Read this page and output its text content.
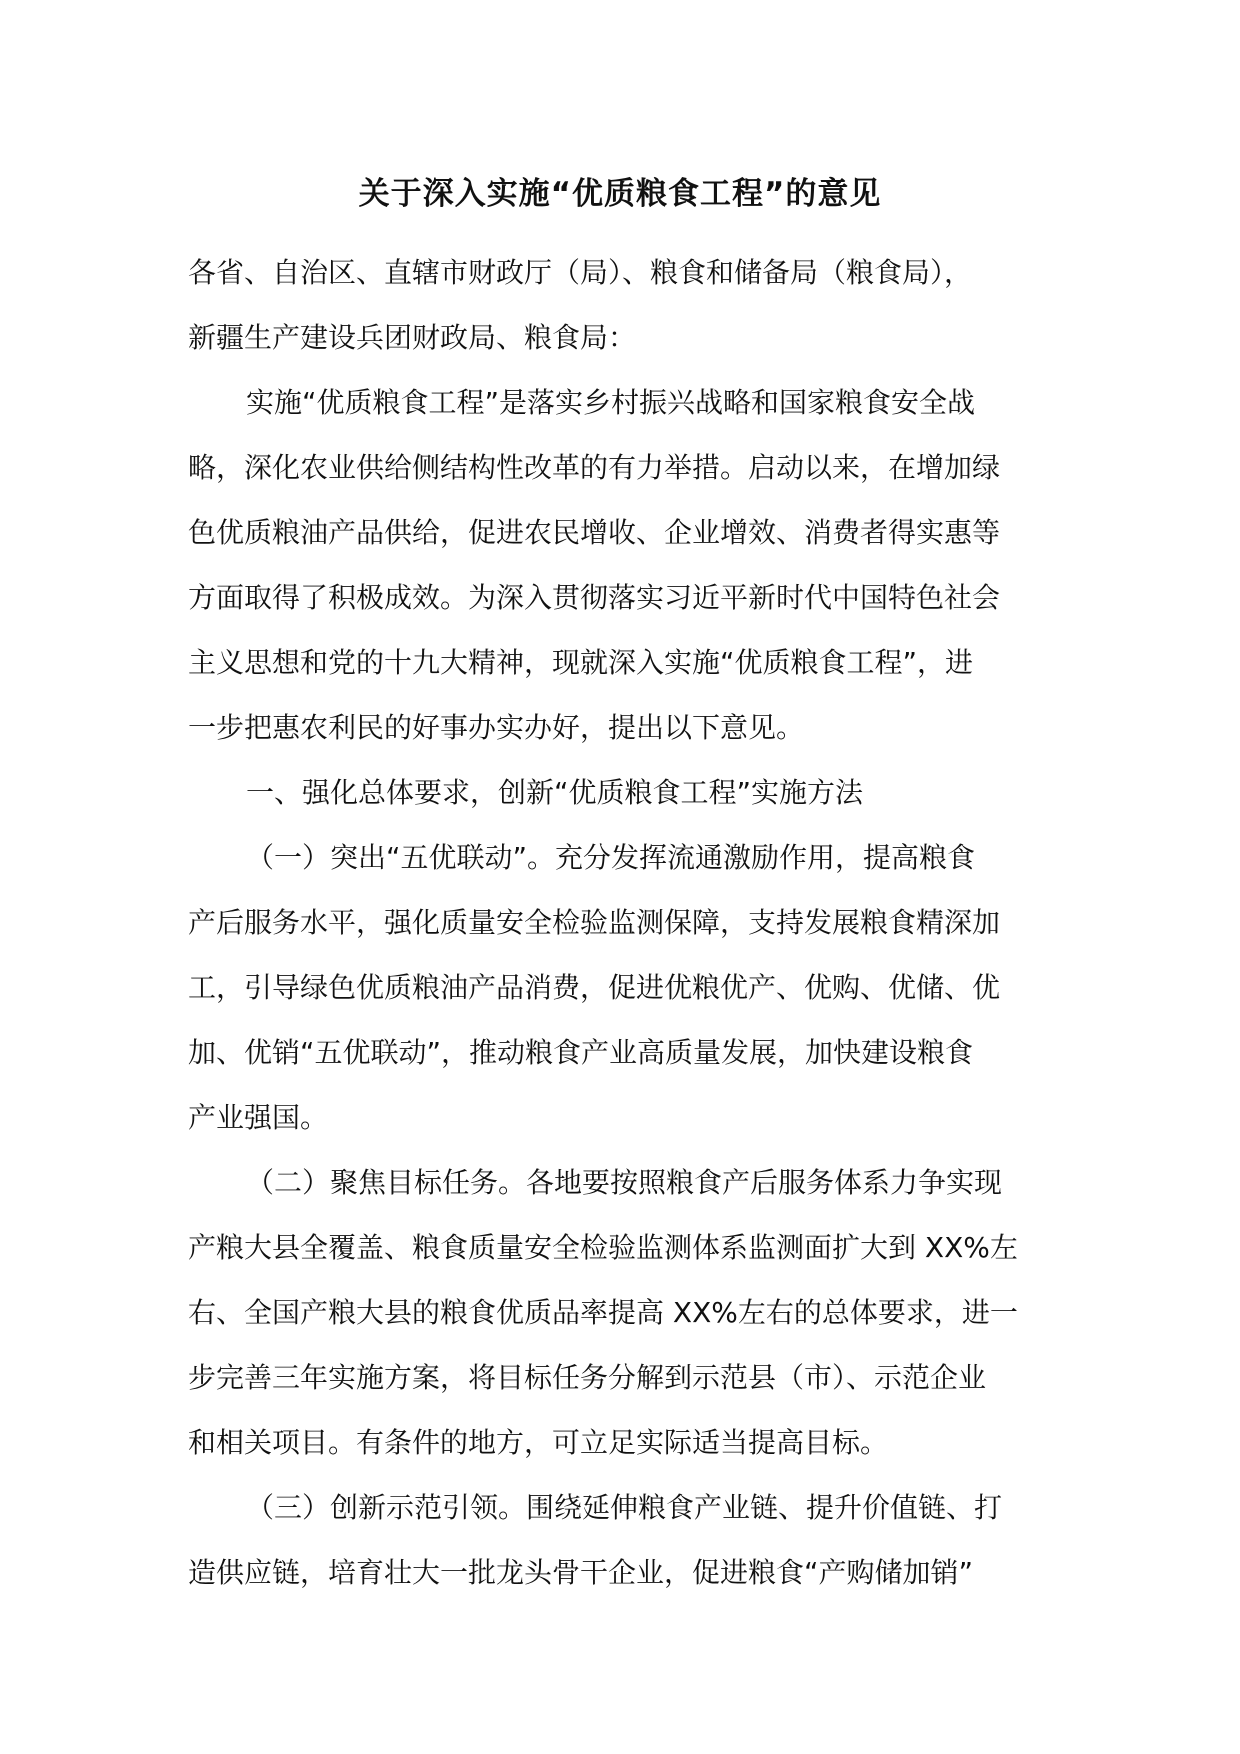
关于深入实施“优质粮食工程”的意见
各省、自治区、直辖市财政厅（局）、粮食和储备局（粮食局），
新疆生产建设兵团财政局、粮食局：
实施“优质粮食工程”是落实乡村振兴战略和国家粮食安全战
略，深化农业供给侧结构性改革的有力举措。启动以来，在增加绿
色优质粮油产品供给，促进农民增收、企业增效、消费者得实惠等
方面取得了积极成效。为深入贯彻落实习近平新时代中国特色社会
主义思想和党的十九大精神，现就深入实施“优质粮食工程”，进
一步把惠农利民的好事办实办好，提出以下意见。
一、强化总体要求，创新“优质粮食工程”实施方法
（一）突出“五优联动”。充分发挥流通激励作用，提高粮食
产后服务水平，强化质量安全检验监测保障，支持发展粮食精深加
工，引导绿色优质粮油产品消费，促进优粮优产、优购、优储、优
加、优销“五优联动”，推动粮食产业高质量发展，加快建设粮食
产业强国。
（二）聚焦目标任务。各地要按照粮食产后服务体系力争实现
产粮大县全覆盖、粮食质量安全检验监测体系监测面扩大到 XX%左
右、全国产粮大县的粮食优质品率提高 XX%左右的总体要求，进一
步完善三年实施方案，将目标任务分解到示范县（市）、示范企业
和相关项目。有条件的地方，可立足实际适当提高目标。
（三）创新示范引领。围绕延伸粮食产业链、提升价值链、打
造供应链，培育壮大一批龙头骨干企业，促进粮食“产购储加销”
